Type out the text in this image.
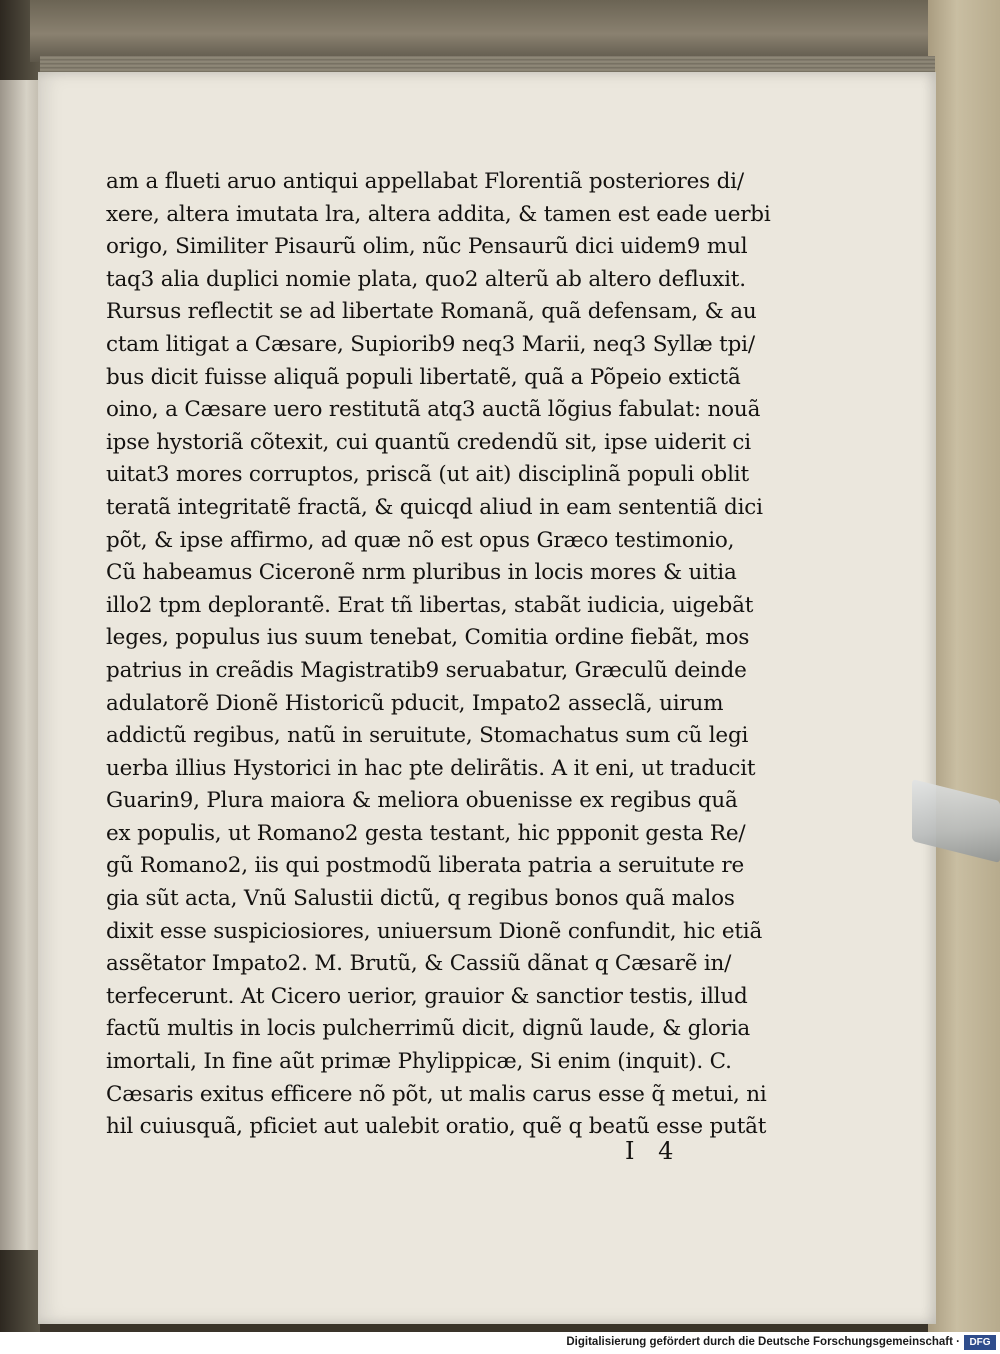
am a flueti aruo antiqui appellabat Florentiã posteriores di/
xere, altera imutata lra, altera addita, & tamen est eade uerbi
origo, Similiter Pisaurũ olim, nũc Pensaurũ dici uidem9 mul
taq3 alia duplici nomie plata, quo2 alterũ ab altero defluxit.
Rursus reflectit se ad libertate Romanã, quã defensam, & au
ctam litigat a Cæsare, Supiorib9 neq3 Marii, neq3 Syllæ tpi/
bus dicit fuisse aliquã populi libertatẽ, quã a Põpeio extictã
oino, a Cæsare uero restitutã atq3 auctã lõgius fabulat: nouã
ipse hystoriã cõtexit, cui quantũ credendũ sit, ipse uiderit ci
uitat3 mores corruptos, priscã (ut ait) disciplinã populi oblit
teratã integritatẽ fractã, & quicqd aliud in eam sententiã dici
põt, & ipse affirmo, ad quæ nõ est opus Græco testimonio,
Cũ habeamus Ciceronẽ nrm pluribus in locis mores & uitia
illo2 tpm deplorantẽ. Erat tñ libertas, stabãt iudicia, uigebãt
leges, populus ius suum tenebat, Comitia ordine fiebãt, mos
patrius in creãdis Magistratib9 seruabatur, Græculũ deinde
adulatorẽ Dionẽ Historicũ pducit, Impato2 asseclã, uirum
addictũ regibus, natũ in seruitute, Stomachatus sum cũ legi
uerba illius Hystorici in hac pte delirãtis. A it eni, ut traducit
Guarin9, Plura maiora & meliora obuenisse ex regibus quã
ex populis, ut Romano2 gesta testant, hic ppponit gesta Re/
gũ Romano2, iis qui postmodũ liberata patria a seruitute re
gia sũt acta, Vnũ Salustii dictũ, q regibus bonos quã malos
dixit esse suspiciosiores, uniuersum Dionẽ confundit, hic etiã
assẽtator Impato2. M. Brutũ, & Cassiũ dãnat q Cæsarẽ in/
terfecerunt. At Cicero uerior, grauior & sanctior testis, illud
factũ multis in locis pulcherrimũ dicit, dignũ laude, & gloria
imortali, In fine aũt primæ Phylippicæ, Si enim (inquit). C.
Cæsaris exitus efficere nõ põt, ut malis carus esse q̃ metui, ni
hil cuiusquã, pficiet aut ualebit oratio, quẽ q beatũ esse putãt
I 4
Digitalisierung gefördert durch die Deutsche Forschungsgemeinschaft · DFG
